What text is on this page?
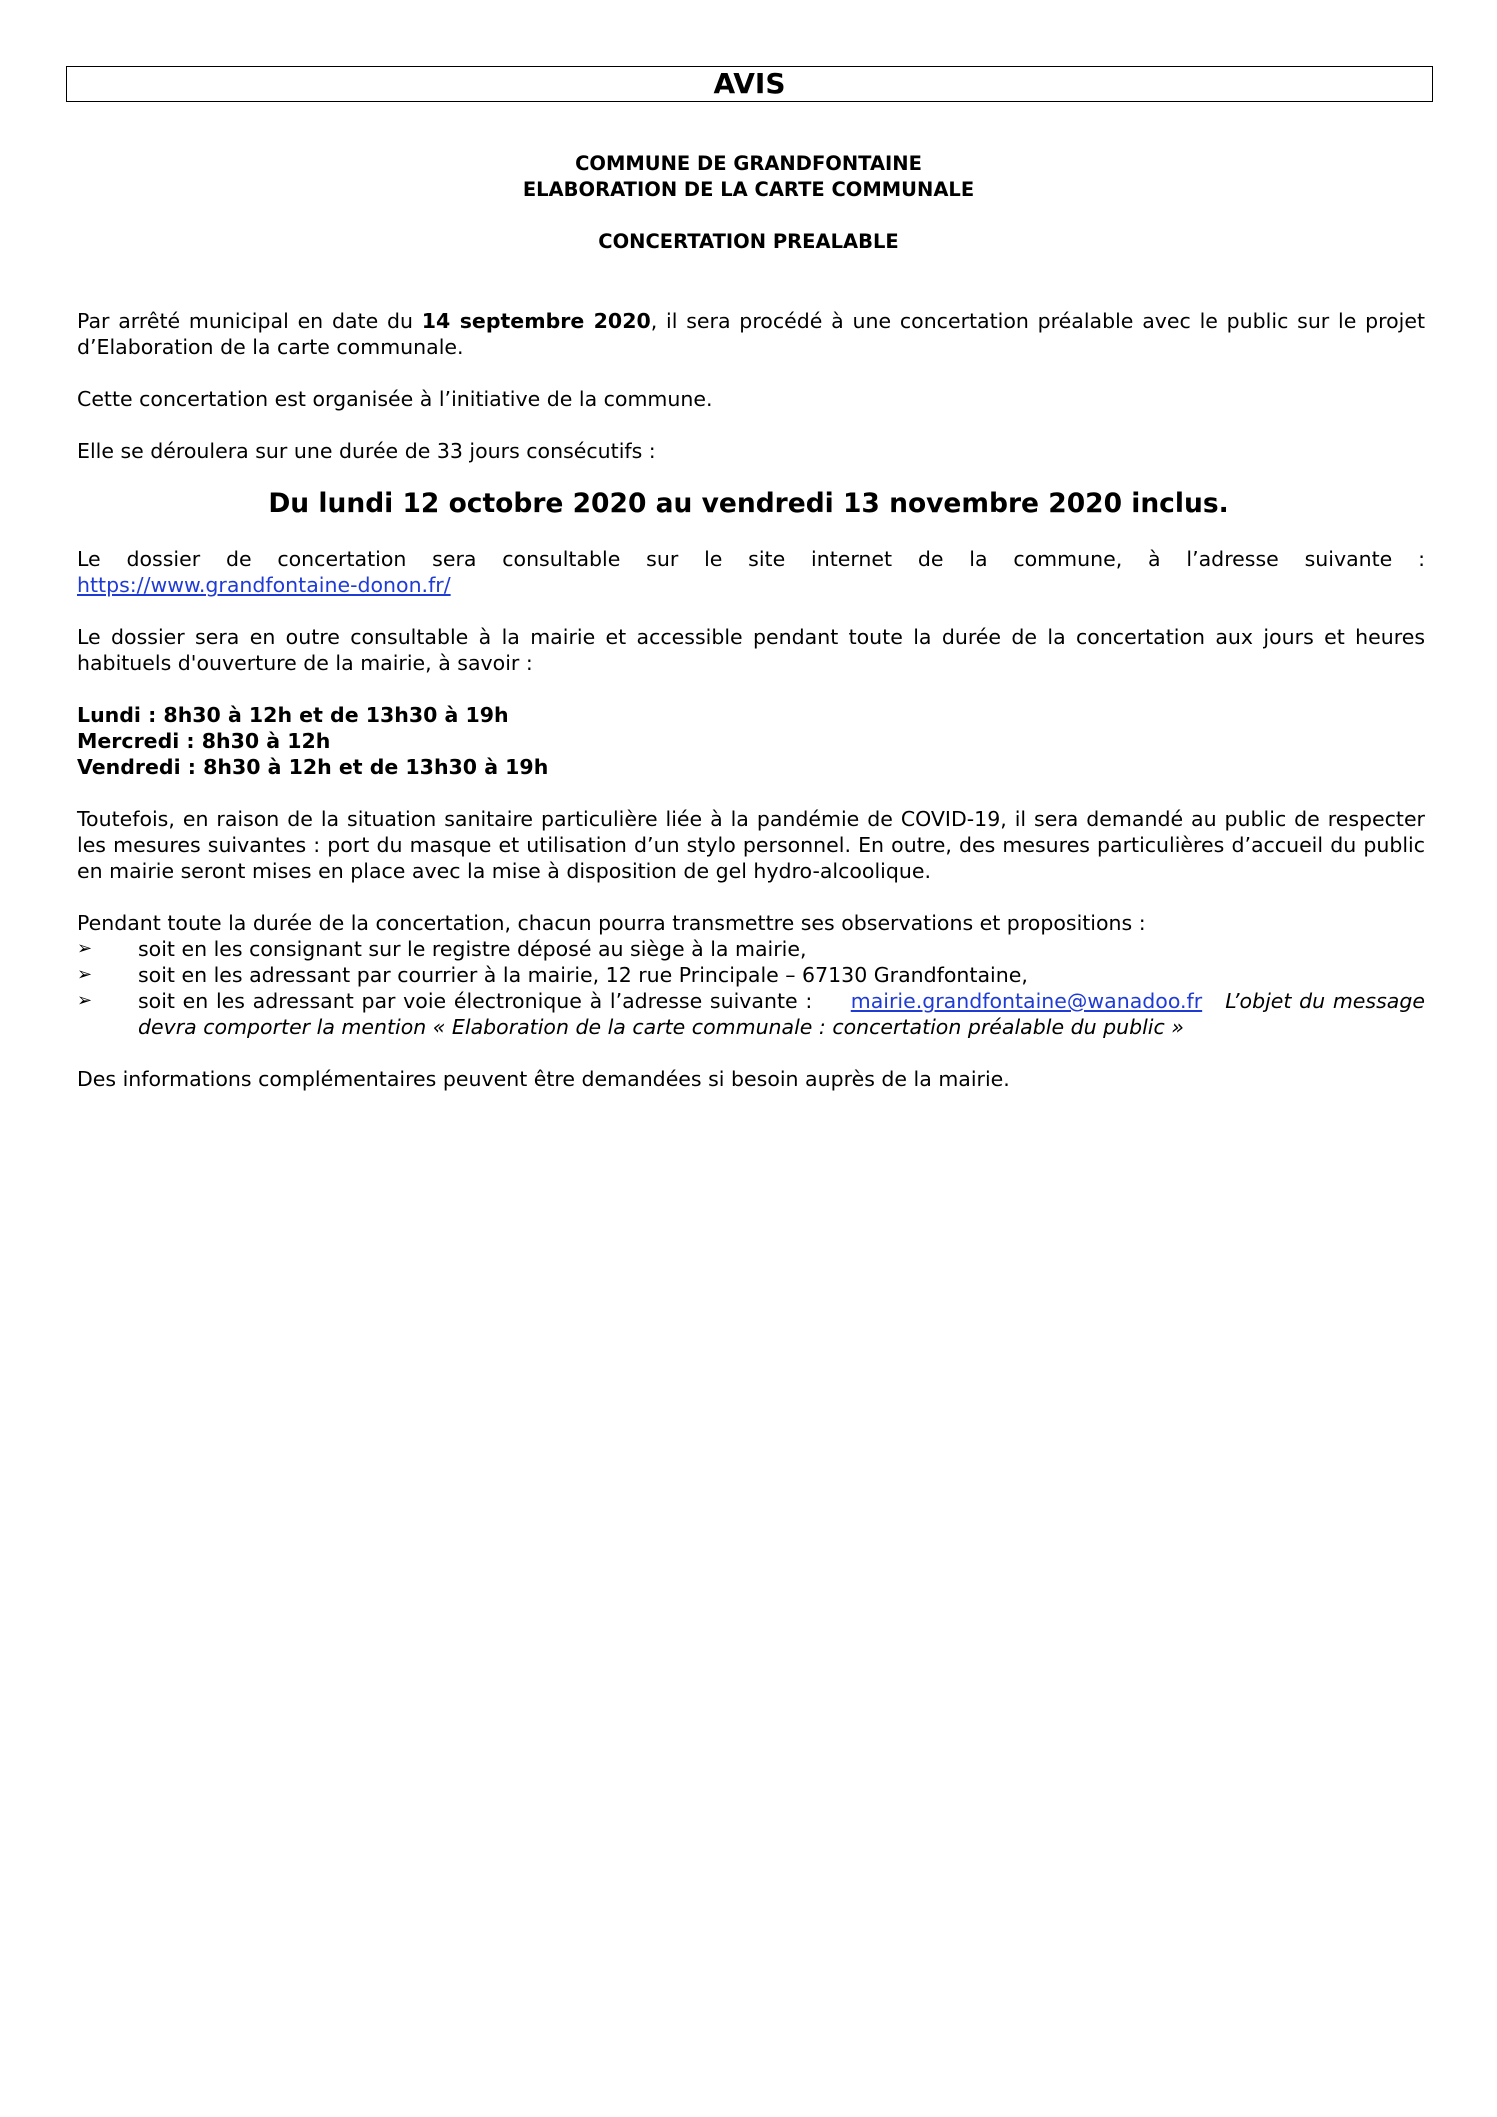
AVIS
COMMUNE DE GRANDFONTAINE
ELABORATION DE LA CARTE COMMUNALE
CONCERTATION PREALABLE
Par arrêté municipal en date du 14 septembre 2020, il sera procédé à une concertation préalable avec le public sur le projet d’Elaboration de la carte communale.
Cette concertation est organisée à l’initiative de la commune.
Elle se déroulera sur une durée de 33 jours consécutifs :
Du lundi 12 octobre 2020 au vendredi 13 novembre 2020 inclus.
Le dossier de concertation sera consultable sur le site internet de la commune, à l’adresse suivante :
https://www.grandfontaine-donon.fr/
Le dossier sera en outre consultable à la mairie et accessible pendant toute la durée de la concertation aux jours et heures habituels d'ouverture de la mairie, à savoir :
Lundi : 8h30 à 12h et de 13h30 à 19h
Mercredi : 8h30 à 12h
Vendredi : 8h30 à 12h et de 13h30 à 19h
Toutefois, en raison de la situation sanitaire particulière liée à la pandémie de COVID-19, il sera demandé au public de respecter les mesures suivantes : port du masque et utilisation d’un stylo personnel. En outre, des mesures particulières d’accueil du public en mairie seront mises en place avec la mise à disposition de gel hydro-alcoolique.
Pendant toute la durée de la concertation, chacun pourra transmettre ses observations et propositions :
➢ soit en les consignant sur le registre déposé au siège à la mairie,
➢ soit en les adressant par courrier à la mairie, 12 rue Principale – 67130 Grandfontaine,
➢ soit en les adressant par voie électronique à l’adresse suivante : mairie.grandfontaine@wanadoo.fr L’objet du message devra comporter la mention « Elaboration de la carte communale : concertation préalable du public »
Des informations complémentaires peuvent être demandées si besoin auprès de la mairie.
